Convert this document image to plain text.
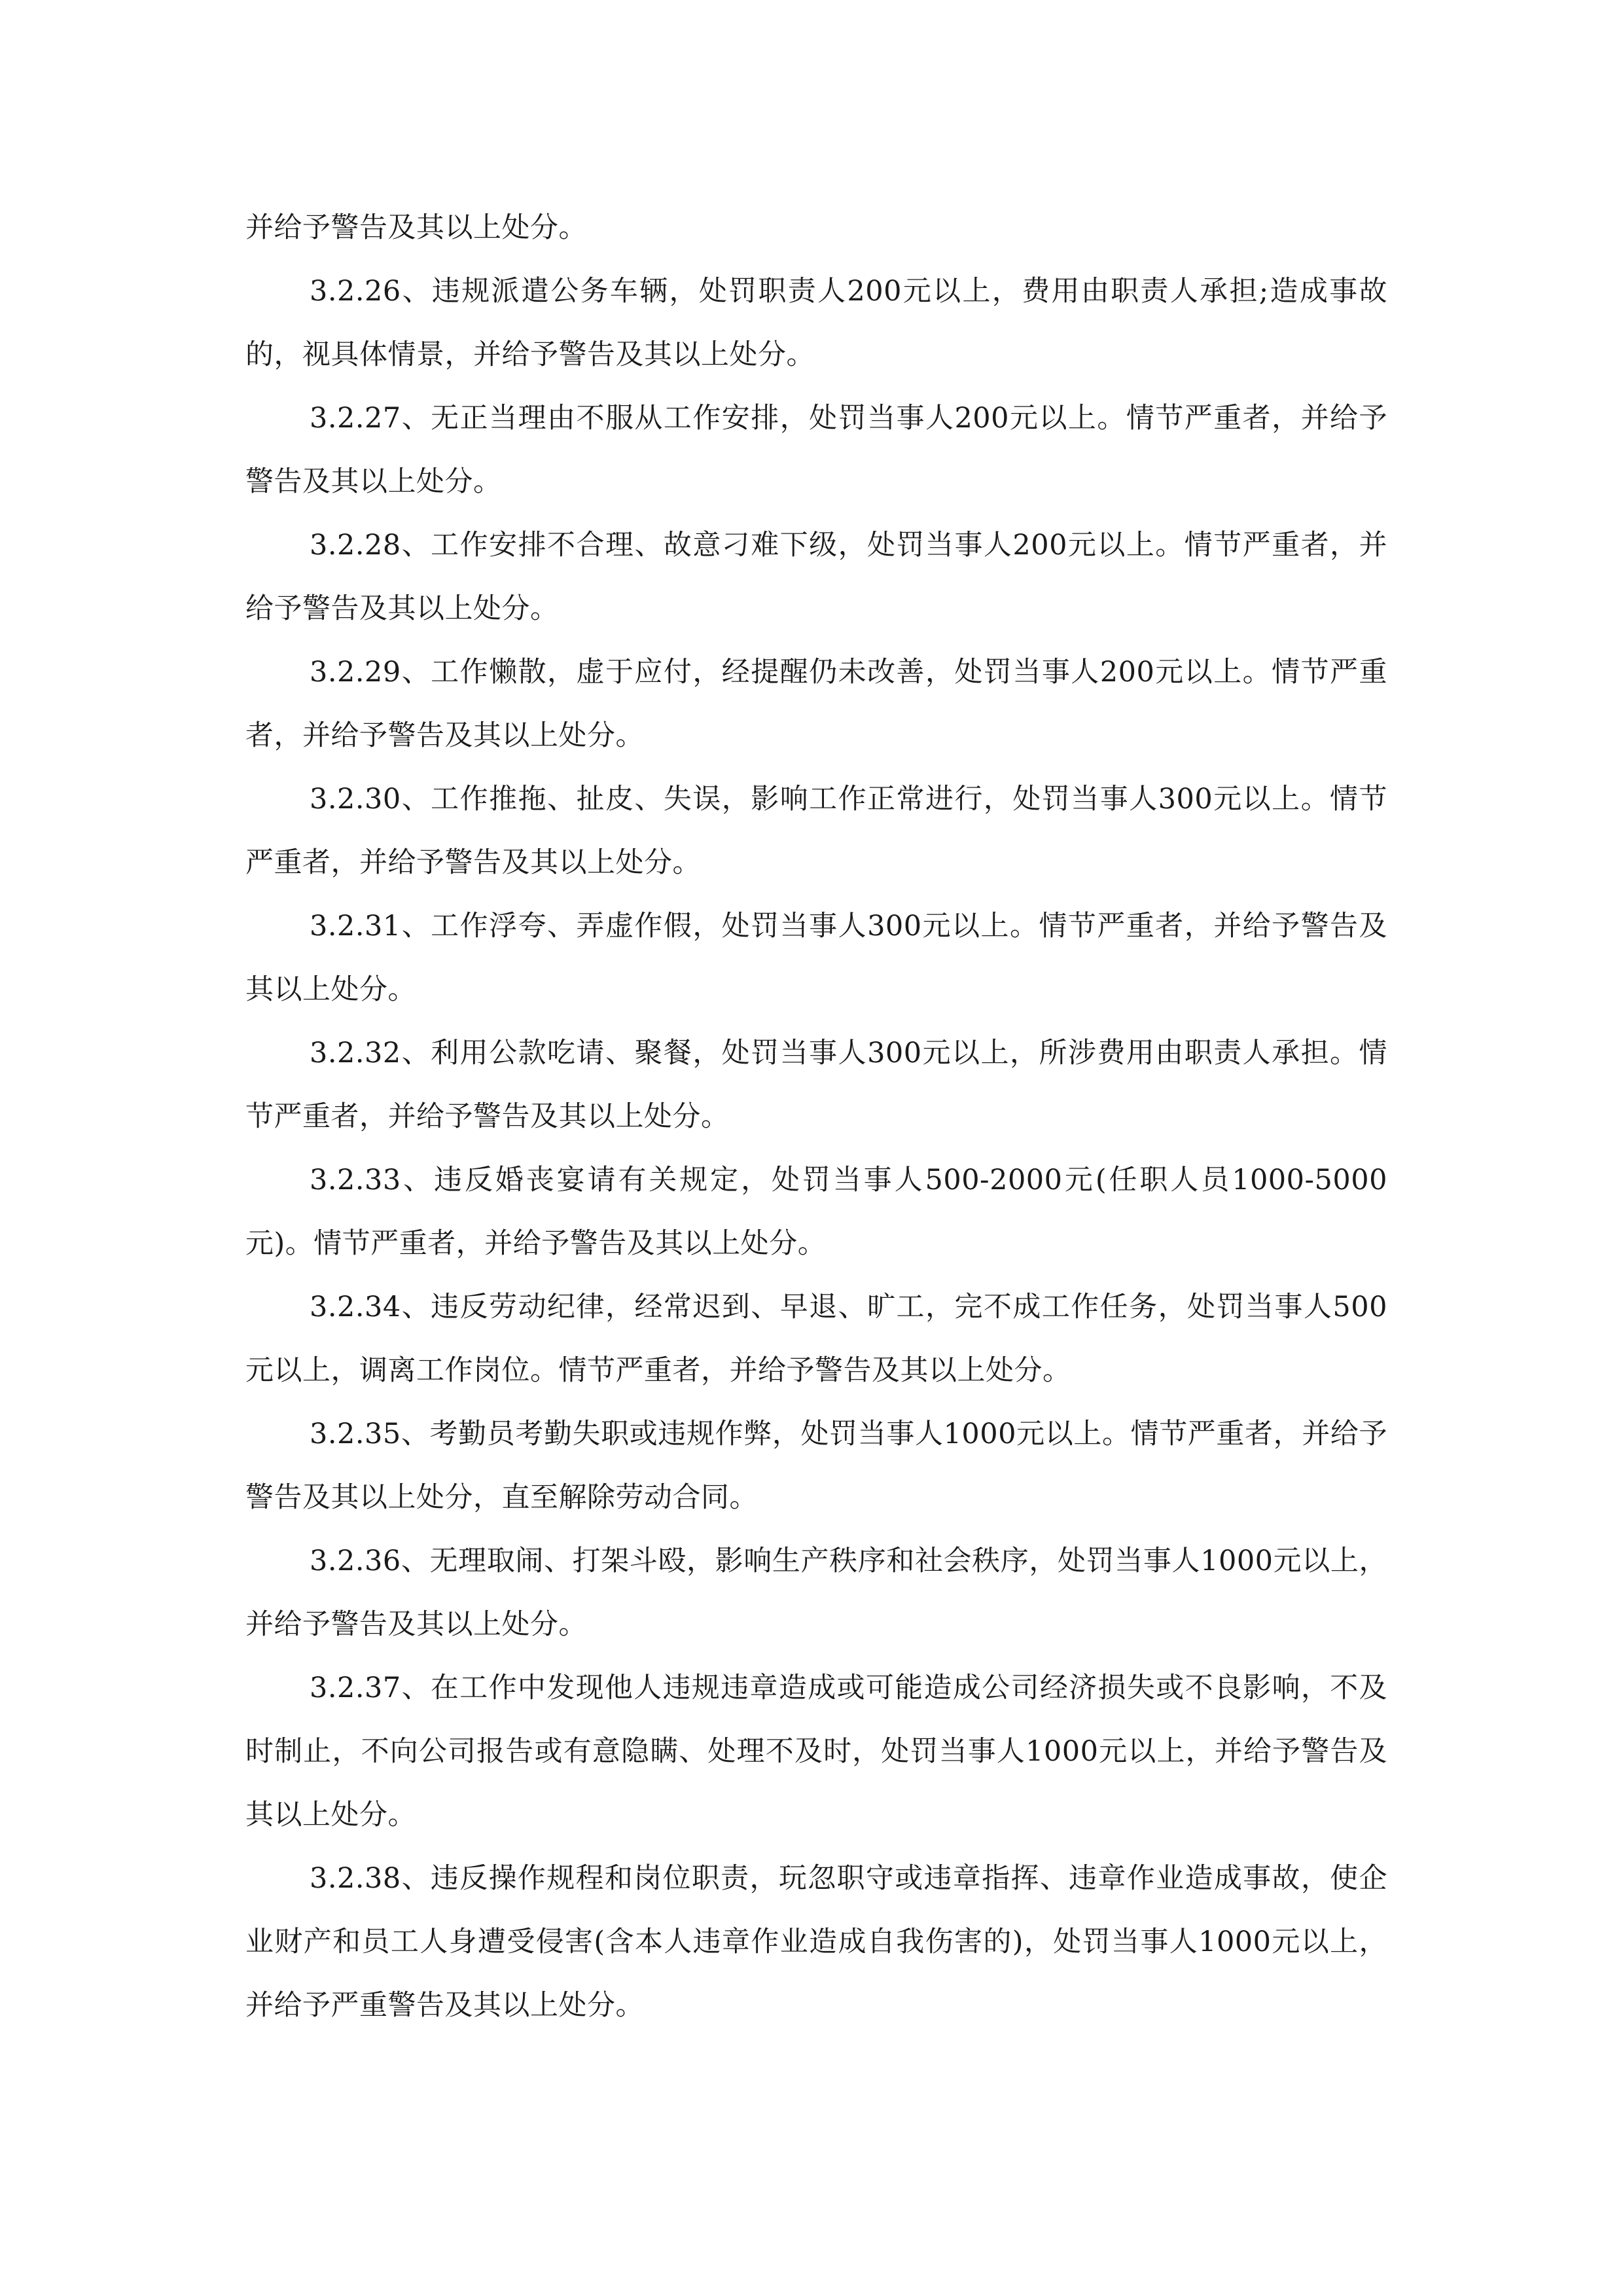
并给予警告及其以上处分。

3.2.26、违规派遣公务车辆，处罚职责人200元以上，费用由职责人承担;造成事故的，视具体情景，并给予警告及其以上处分。

3.2.27、无正当理由不服从工作安排，处罚当事人200元以上。情节严重者，并给予警告及其以上处分。

3.2.28、工作安排不合理、故意刁难下级，处罚当事人200元以上。情节严重者，并给予警告及其以上处分。

3.2.29、工作懒散，虚于应付，经提醒仍未改善，处罚当事人200元以上。情节严重者，并给予警告及其以上处分。

3.2.30、工作推拖、扯皮、失误，影响工作正常进行，处罚当事人300元以上。情节严重者，并给予警告及其以上处分。

3.2.31、工作浮夸、弄虚作假，处罚当事人300元以上。情节严重者，并给予警告及其以上处分。

3.2.32、利用公款吃请、聚餐，处罚当事人300元以上，所涉费用由职责人承担。情节严重者，并给予警告及其以上处分。

3.2.33、违反婚丧宴请有关规定，处罚当事人500-2000元(任职人员1000-5000元)。情节严重者，并给予警告及其以上处分。

3.2.34、违反劳动纪律，经常迟到、早退、旷工，完不成工作任务，处罚当事人500元以上，调离工作岗位。情节严重者，并给予警告及其以上处分。

3.2.35、考勤员考勤失职或违规作弊，处罚当事人1000元以上。情节严重者，并给予警告及其以上处分，直至解除劳动合同。

3.2.36、无理取闹、打架斗殴，影响生产秩序和社会秩序，处罚当事人1000元以上，并给予警告及其以上处分。

3.2.37、在工作中发现他人违规违章造成或可能造成公司经济损失或不良影响，不及时制止，不向公司报告或有意隐瞒、处理不及时，处罚当事人1000元以上，并给予警告及其以上处分。

3.2.38、违反操作规程和岗位职责，玩忽职守或违章指挥、违章作业造成事故，使企业财产和员工人身遭受侵害(含本人违章作业造成自我伤害的)，处罚当事人1000元以上，并给予严重警告及其以上处分。
